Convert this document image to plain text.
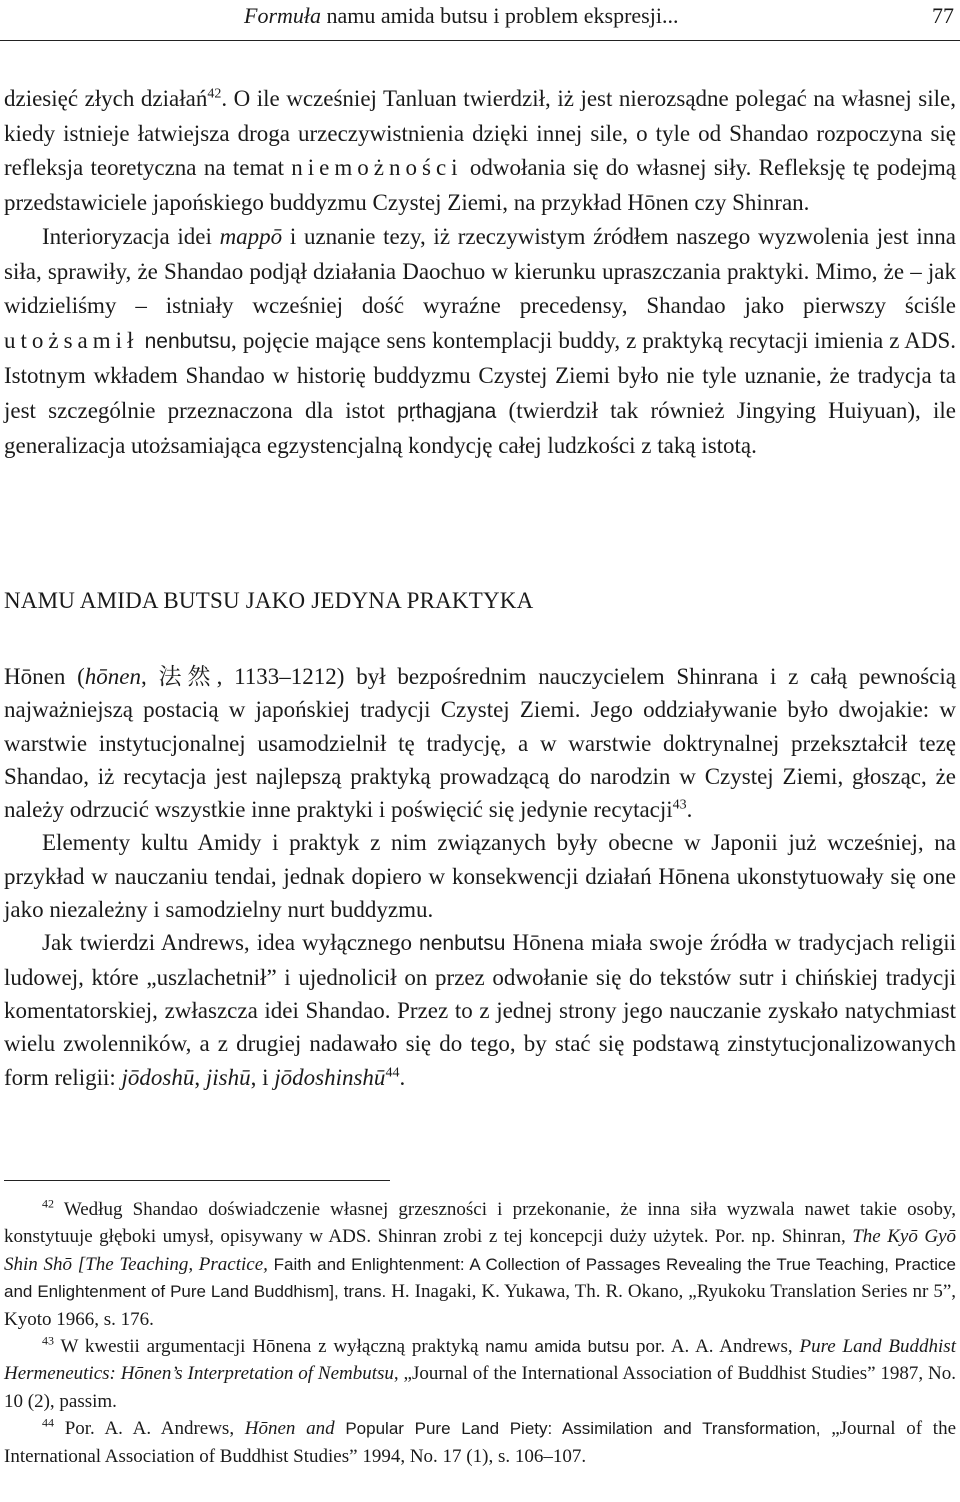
Formuła namu amida butsu i problem ekspresji...	77

dziesięć złych działań$^{42}$. O ile wcześniej Tanluan twierdził, iż jest nierozsądne polegać na własnej sile, kiedy istnieje łatwiejsza droga urzeczywistnienia dzięki innej sile, o tyle od Shandao rozpoczyna się refleksja teoretyczna na temat niemożności odwołania się do własnej siły. Refleksję tę podejmą przedstawiciele japońskiego buddyzmu Czystej Ziemi, na przykład Hōnen czy Shinran.

Interioryzacja idei mappō i uznanie tezy, iż rzeczywistym źródłem naszego wyzwolenia jest inna siła, sprawiły, że Shandao podjął działania Daochuo w kierunku upraszczania praktyki. Mimo, że – jak widzieliśmy – istniały wcześniej dość wyraźne precedensy, Shandao jako pierwszy ściśle utożsamił nenbutsu, pojęcie mające sens kontemplacji buddy, z praktyką recytacji imienia z ADS. Istotnym wkładem Shandao w historię buddyzmu Czystej Ziemi było nie tyle uznanie, że tradycja ta jest szczególnie przeznaczona dla istot pṛthagjana (twierdził tak również Jingying Huiyuan), ile generalizacja utożsamiająca egzystencjalną kondycję całej ludzkości z taką istotą.

NAMU AMIDA BUTSU JAKO JEDYNA PRAKTYKA

Hōnen (hōnen, 法然, 1133–1212) był bezpośrednim nauczycielem Shinrana i z całą pewnością najważniejszą postacią w japońskiej tradycji Czystej Ziemi. Jego oddziaływanie było dwojakie: w warstwie instytucjonalnej usamodzielnił tę tradycję, a w warstwie doktrynalnej przekształcił tezę Shandao, iż recytacja jest najlepszą praktyką prowadzącą do narodzin w Czystej Ziemi, głosząc, że należy odrzucić wszystkie inne praktyki i poświęcić się jedynie recytacji$^{43}$.

Elementy kultu Amidy i praktyk z nim związanych były obecne w Japonii już wcześniej, na przykład w nauczaniu tendai, jednak dopiero w konsekwencji działań Hōnena ukonstytuowały się one jako niezależny i samodzielny nurt buddyzmu.

Jak twierdzi Andrews, idea wyłącznego nenbutsu Hōnena miała swoje źródła w tradycjach religii ludowej, które „uszlachetnił” i ujednolicił on przez odwołanie się do tekstów sutr i chińskiej tradycji komentatorskiej, zwłaszcza idei Shandao. Przez to z jednej strony jego nauczanie zyskało natychmiast wielu zwolenników, a z drugiej nadawało się do tego, by stać się podstawą zinstytucjonalizowanych form religii: jōdoshū, jishū, i jōdoshinshū$^{44}$.

$^{42}$ Według Shandao doświadczenie własnej grzeszności i przekonanie, że inna siła wyzwala nawet takie osoby, konstytuuje głęboki umysł, opisywany w ADS. Shinran zrobi z tej koncepcji duży użytek. Por. np. Shinran, The Kyō Gyō Shin Shō [The Teaching, Practice, Faith and Enlightenment: A Collection of Passages Revealing the True Teaching, Practice and Enlightenment of Pure Land Buddhism], trans. H. Inagaki, K. Yukawa, Th. R. Okano, „Ryukoku Translation Series nr 5”, Kyoto 1966, s. 176.

$^{43}$ W kwestii argumentacji Hōnena z wyłączną praktyką namu amida butsu por. A. A. Andrews, Pure Land Buddhist Hermeneutics: Hōnen’s Interpretation of Nembutsu, „Journal of the International Association of Buddhist Studies” 1987, No. 10 (2), passim.

$^{44}$ Por. A. A. Andrews, Hōnen and Popular Pure Land Piety: Assimilation and Transformation, „Journal of the International Association of Buddhist Studies” 1994, No. 17 (1), s. 106–107.
